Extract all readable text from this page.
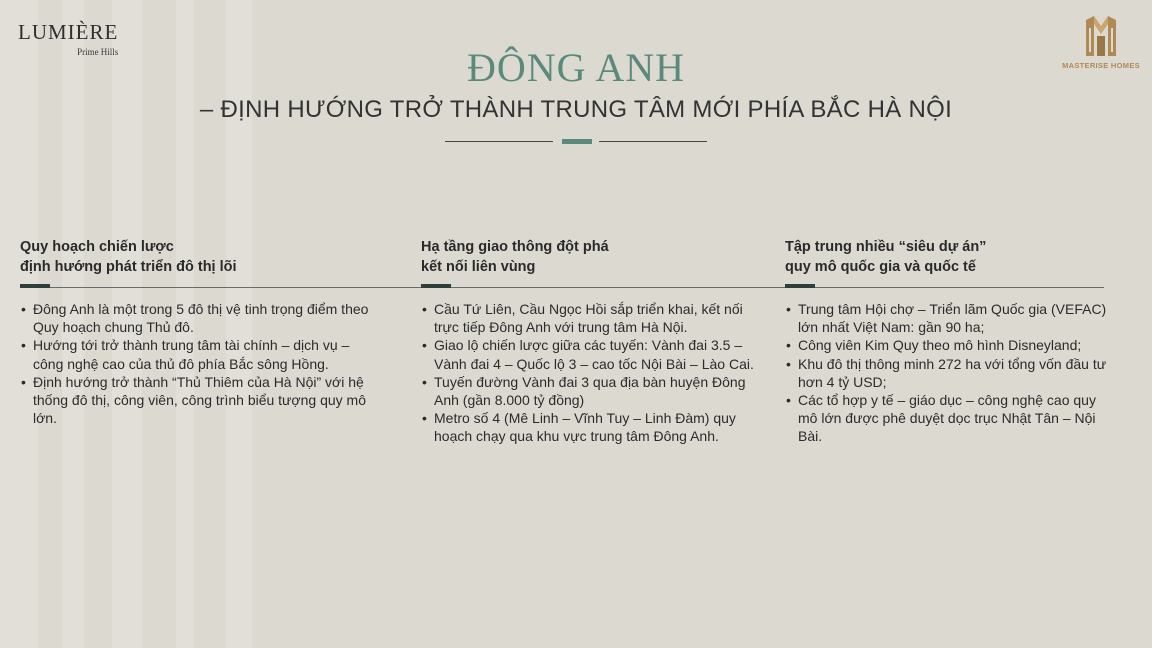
LUMIÈRE
Prime Hills
MASTERISE HOMES
ĐÔNG ANH
– ĐỊNH HƯỚNG TRỞ THÀNH TRUNG TÂM MỚI PHÍA BẮC HÀ NỘI
Quy hoạch chiến lược
định hướng phát triển đô thị lõi
• Đông Anh là một trong 5 đô thị vệ tinh trọng điểm theo Quy hoạch chung Thủ đô.
• Hướng tới trở thành trung tâm tài chính – dịch vụ – công nghệ cao của thủ đô phía Bắc sông Hồng.
• Định hướng trở thành “Thủ Thiêm của Hà Nội” với hệ thống đô thị, công viên, công trình biểu tượng quy mô lớn.
Hạ tầng giao thông đột phá
kết nối liên vùng
• Cầu Tứ Liên, Cầu Ngọc Hồi sắp triển khai, kết nối trực tiếp Đông Anh với trung tâm Hà Nội.
• Giao lộ chiến lược giữa các tuyến: Vành đai 3.5 – Vành đai 4 – Quốc lộ 3 – cao tốc Nội Bài – Lào Cai.
• Tuyến đường Vành đai 3 qua địa bàn huyện Đông Anh (gần 8.000 tỷ đồng)
• Metro số 4 (Mê Linh – Vĩnh Tuy – Linh Đàm) quy hoạch chạy qua khu vực trung tâm Đông Anh.
Tập trung nhiều “siêu dự án”
quy mô quốc gia và quốc tế
• Trung tâm Hội chợ – Triển lãm Quốc gia (VEFAC) lớn nhất Việt Nam: gần 90 ha;
• Công viên Kim Quy theo mô hình Disneyland;
• Khu đô thị thông minh 272 ha với tổng vốn đầu tư hơn 4 tỷ USD;
• Các tổ hợp y tế – giáo dục – công nghệ cao quy mô lớn được phê duyệt dọc trục Nhật Tân – Nội Bài.
